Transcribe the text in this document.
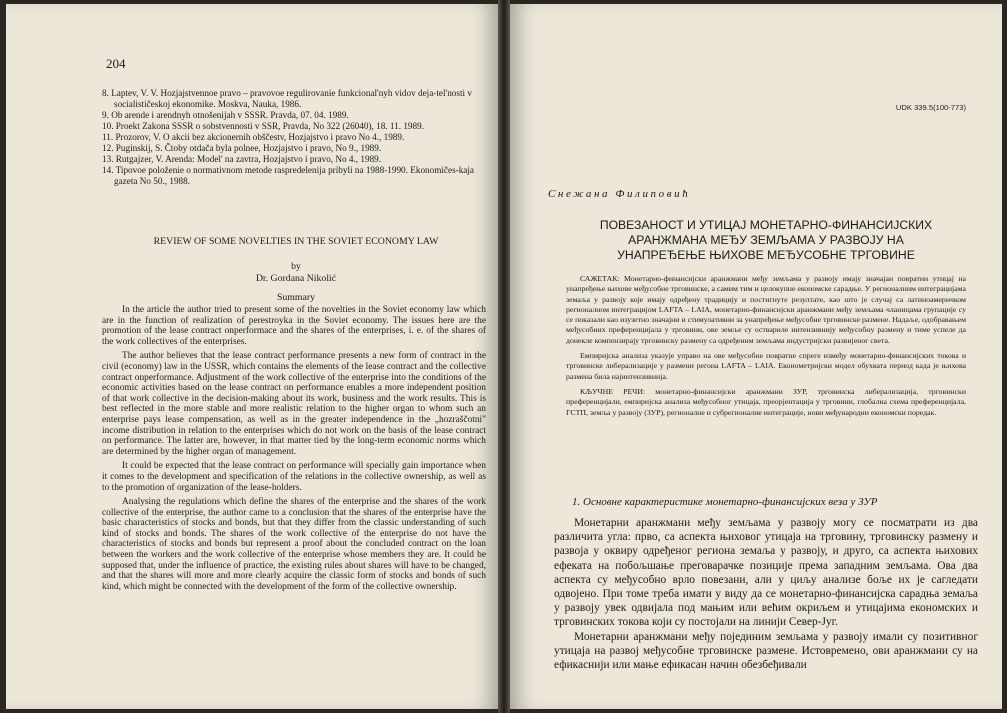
204
8. Laptev, V. V. Hozjajstvennoe pravo – pravovoe regulirovanie funkcional'nyh vidov deja-tel'nosti v socialističeskoj ekonomike. Moskva, Nauka, 1986.
9. Ob arende i arendnyh otnošenijah v SSSR. Pravda, 07. 04. 1989.
10. Proekt Zakona SSSR o sobstvennosti v SSR, Pravda, No 322 (26040), 18. 11. 1989.
11. Prozorov, V. O akcii bez akcionernih obščestv, Hozjajstvo i pravo No 4., 1989.
12. Puginskij, S. Čtoby otdača byla polnee, Hozjajstvo i pravo, No 9., 1989.
13. Rutgajzer, V. Arenda: Model' na zavtra, Hozjajstvo i pravo, No 4., 1989.
14. Tipovoe položenie o normativnom metode raspredelenija pribyli na 1988-1990. Ekonomičes-kaja gazeta No 50., 1988.
REVIEW OF SOME NOVELTIES IN THE SOVIET ECONOMY LAW
by
Dr. Gordana Nikolić
Summary

In the article the author tried to present some of the novelties in the Soviet economy law which are in the function of realization of perestroyka in the Soviet economy. The issues here are the promotion of the lease contract onperformace and the shares of the enterprises, i. e. of the shares of the work collectives of the enterprises.

The author believes that the lease contract performance presents a new form of contract in the civil (economy) law in the USSR, which contains the elements of the lease contract and the collective contract onperformance. Adjustment of the work collective of the enterprise into the conditions of the economic activities based on the lease contract on performance enables a more independent position of that work collective in the decision-making about its work, business and the work results. This is best reflected in the more stable and more realistic relation to the higher organ to whom such an enterprise pays lease compensation, as well as in the greater independence in the „hozraščotni" income distribution in relation to the enterprises which do not work on the basis of the lease contract on performance. The latter are, however, in that matter tied by the long-term economic norms which are determined by the higher organ of management.

It could be expected that the lease contract on performance will specially gain importance when it comes to the development and specification of the relations in the collective ownership, as well as to the promotion of organization of the lease-holders.

Analysing the regulations which define the shares of the enterprise and the shares of the work collective of the enterprise, the author came to a conclusion that the shares of the enterprise have the basic characteristics of stocks and bonds, but that they differ from the classic understanding of such kind of stocks and bonds. The shares of the work collective of the enterprise do not have the characteristics of stocks and bonds but represent a proof about the concluded contract on the loan between the workers and the work collective of the enterprise whose members they are. It could be supposed that, under the influence of practice, the existing rules about shares will have to be changed, and that the shares will more and more clearly acquire the classic form of stocks and bonds of such kind, which might be connected with the development of the form of the collective ownership.

UDK 339.5(100-773)
Снежана Филиповић
ПОВЕЗАНОСТ И УТИЦАЈ МОНЕТАРНО-ФИНАНСИЈСКИХ
АРАНЖМАНА МЕЂУ ЗЕМЉАМА У РАЗВОЈУ НА
УНАПРЕЂЕЊЕ ЊИХОВЕ МЕЂУСОБНЕ ТРГОВИНЕ

САЖЕТАК: Монетарно-финансијски аранжмани међу земљама у развоју имају значајан повратни утицај на унапређење њихове међусобне трговинске, а самим тим и целокупне економске сарадње. У регионалним интеграцијама земаља у развоју које имају одређену традицију и постигнуте резултате, као што је случај са латиноамеричком регионалном интеграцијом LAFTA – LAIA, монетарно-финансијски аранжмани међу земљама чланицама групације су се показали као изузетно значајни и стимулативни за унапређење међусобне трговинске размене. Надаље, одобравањем међусобних преференцијала у трговини, ове земље су оствариле интензивнију међусобну размену и тиме успеле да донекле компензирају трговинску размену са одређеним земљама индустријски развијеног света.

Емпиријска анализа указује управо на ове међусобне повратне спреге између монетарно-финансијских токова и трговинске либерализације у размени регона LAFTA – LAIA. Економетријски модел обухвата период када је њихова размена била најинтензивнија.

КЉУЧНЕ РЕЧИ: монетарно-финансијски аранжмани ЗУР, трговинска либерализација, трговински преференцијали, емпиријска анализа међусобног утицаја, преорјентација у трговини, глобална схема преференцијала, ГСТП, земља у развоју (ЗУР), регионалне и субрегионалне интеграције, нови међународни економски поредак.

1. Основне карактеристике монетарно-финансијских веза у ЗУР

Монетарни аранжмани међу земљама у развоју могу се посматрати из два различита угла: прво, са аспекта њиховог утицаја на трговину, трговинску размену и развоја у оквиру одређеног региона земаља у развоју, и друго, са аспекта њихових ефеката на побољшање преговарачке позиције према западним земљама. Ова два аспекта су међусобно врло повезани, али у циљу анализе боље их је сагледати одвојено. При томе треба имати у виду да се монетарно-финансијска сарадња земаља у развоју увек одвијала под мањим или већим окриљем и утицајима економских и трговинских токова који су постојали на линији Север-Југ.

Монетарни аранжмани међу појединим земљама у развоју имали су позитивног утицаја на развој међусобне трговинске размене. Истовремено, ови аранжмани су на ефикаснији или мање ефикасан начин обезбеђивали
